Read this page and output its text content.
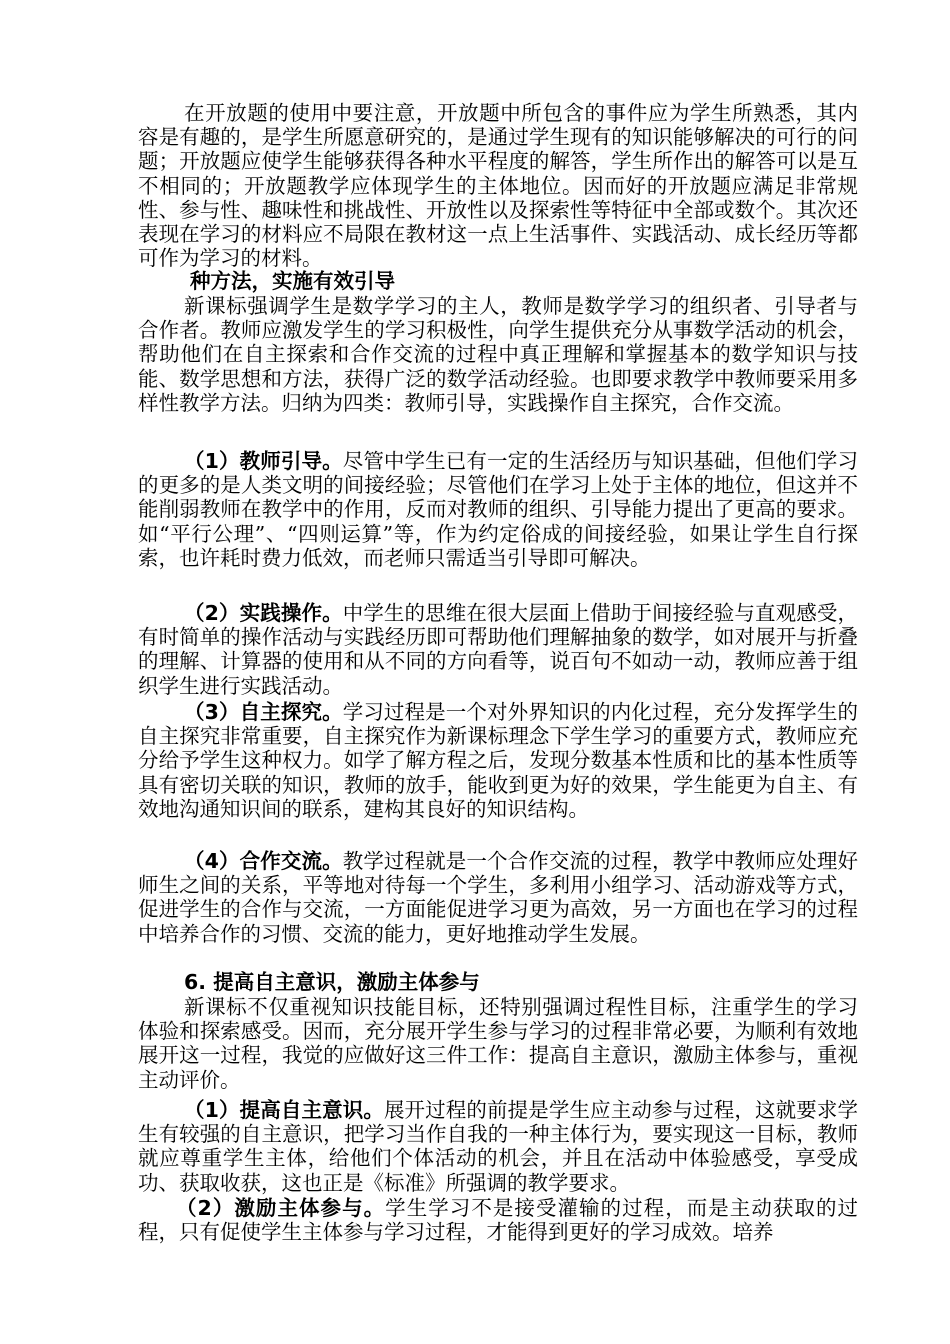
在开放题的使用中要注意，开放题中所包含的事件应为学生所熟悉，其内容是有趣的，是学生所愿意研究的，是通过学生现有的知识能够解决的可行的问题；开放题应使学生能够获得各种水平程度的解答，学生所作出的解答可以是互不相同的；开放题教学应体现学生的主体地位。因而好的开放题应满足非常规性、参与性、趣味性和挑战性、开放性以及探索性等特征中全部或数个。其次还表现在学习的材料应不局限在教材这一点上生活事件、实践活动、成长经历等都可作为学习的材料。

种方法，实施有效引导

新课标强调学生是数学学习的主人，教师是数学学习的组织者、引导者与合作者。教师应激发学生的学习积极性，向学生提供充分从事数学活动的机会，帮助他们在自主探索和合作交流的过程中真正理解和掌握基本的数学知识与技能、数学思想和方法，获得广泛的数学活动经验。也即要求教学中教师要采用多样性教学方法。归纳为四类：教师引导，实践操作自主探究，合作交流。

（1）教师引导。尽管中学生已有一定的生活经历与知识基础，但他们学习的更多的是人类文明的间接经验；尽管他们在学习上处于主体的地位，但这并不能削弱教师在教学中的作用，反而对教师的组织、引导能力提出了更高的要求。如“平行公理”、“四则运算”等，作为约定俗成的间接经验，如果让学生自行探索，也许耗时费力低效，而老师只需适当引导即可解决。

（2）实践操作。中学生的思维在很大层面上借助于间接经验与直观感受，有时简单的操作活动与实践经历即可帮助他们理解抽象的数学，如对展开与折叠的理解、计算器的使用和从不同的方向看等，说百句不如动一动，教师应善于组织学生进行实践活动。

（3）自主探究。学习过程是一个对外界知识的内化过程，充分发挥学生的自主探究非常重要，自主探究作为新课标理念下学生学习的重要方式，教师应充分给予学生这种权力。如学了解方程之后，发现分数基本性质和比的基本性质等具有密切关联的知识，教师的放手，能收到更为好的效果，学生能更为自主、有效地沟通知识间的联系，建构其良好的知识结构。

（4）合作交流。教学过程就是一个合作交流的过程，教学中教师应处理好师生之间的关系，平等地对待每一个学生，多利用小组学习、活动游戏等方式，促进学生的合作与交流，一方面能促进学习更为高效，另一方面也在学习的过程中培养合作的习惯、交流的能力，更好地推动学生发展。

6. 提高自主意识，激励主体参与

新课标不仅重视知识技能目标，还特别强调过程性目标，注重学生的学习体验和探索感受。因而，充分展开学生参与学习的过程非常必要，为顺利有效地展开这一过程，我觉的应做好这三件工作：提高自主意识，激励主体参与，重视主动评价。

（1）提高自主意识。展开过程的前提是学生应主动参与过程，这就要求学生有较强的自主意识，把学习当作自我的一种主体行为，要实现这一目标，教师就应尊重学生主体，给他们个体活动的机会，并且在活动中体验感受，享受成功、获取收获，这也正是《标准》所强调的教学要求。

（2）激励主体参与。学生学习不是接受灌输的过程，而是主动获取的过程，只有促使学生主体参与学习过程，才能得到更好的学习成效。培养
